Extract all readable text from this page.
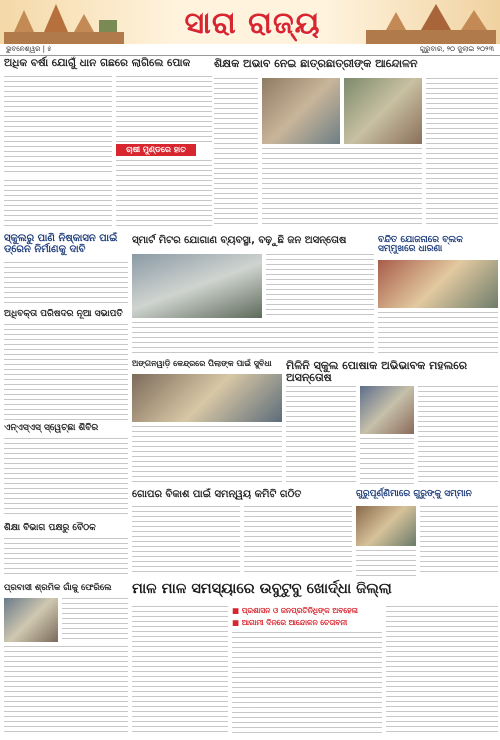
ସାରା ରାଜ୍ୟ
ଭୁବନେଶ୍ୱର | ୫	ଗୁରୁବାର, ୨୦ ଜୁଲାଇ ୨୦୨୩
ଅଧିକ ବର୍ଷା ଯୋଗୁଁ ଧାନ ଗଛରେ ଲାଗିଲେ ପୋକ
ଚାଷୀ ମୁଣ୍ଡରେ ହାତ
ଶିକ୍ଷକ ଅଭାବ ନେଇ ଛାତ୍ରଛାତ୍ରୀଙ୍କ ଆନ୍ଦୋଳନ
ସ୍କୁଲରୁ ପାଣି ନିଷ୍କାସନ ପାଇଁ ଡ୍ରେନ ନିର୍ମାଣକୁ ଦାବି
ସ୍ମାର୍ଟ ମିଟର ଯୋଗାଣ ବ୍ୟବସ୍ଥା, ବଢ଼ୁଛି ଜନ ଅସନ୍ତୋଷ	ବନ୍ଦିତ ଯୋଜନାରେ ବ୍ଲକ ସମ୍ମୁଖରେ ଧାରଣା
ଅଧିବକ୍ତା ପରିଷଦର ନୂଆ ସଭାପତି
ଏନ୍‌ଏସ୍‌ଏସ୍ ସ୍ୱେଚ୍ଛା ଶିବିର
ଅଙ୍ଗନୱାଡ଼ି କେନ୍ଦ୍ରରେ ପିଲାଙ୍କ ପାଇଁ ସୁବିଧା	ମିଳିନି ସ୍କୁଲ ପୋଷାକ ଅଭିଭାବକ ମହଲରେ ଅସନ୍ତୋଷ
ଗୋପର ବିକାଶ ପାଇଁ ସମନ୍ୱୟ କମିଟି ଗଠିତ	ଗୁରୁପୂର୍ଣ୍ଣିମାରେ ଗୁରୁଙ୍କୁ ସମ୍ମାନ
ଶିକ୍ଷା ବିଭାଗ ପକ୍ଷରୁ ବୈଠକ
ପ୍ରବାସୀ ଶ୍ରମିକ ଗାଁକୁ ଫେରିଲେ	ମାଳ ମାଳ ସମସ୍ୟାରେ ଉବୁଟୁବୁ ଖୋର୍ଦ୍ଧା ଜିଲ୍ଲା
■ ପ୍ରଶାସନ ଓ ଜନପ୍ରତିନିଧିଙ୍କ ଅବହେଳା
■ ଆଗାମୀ ଦିନରେ ଆନ୍ଦୋଳନ ଚେତାବନୀ
